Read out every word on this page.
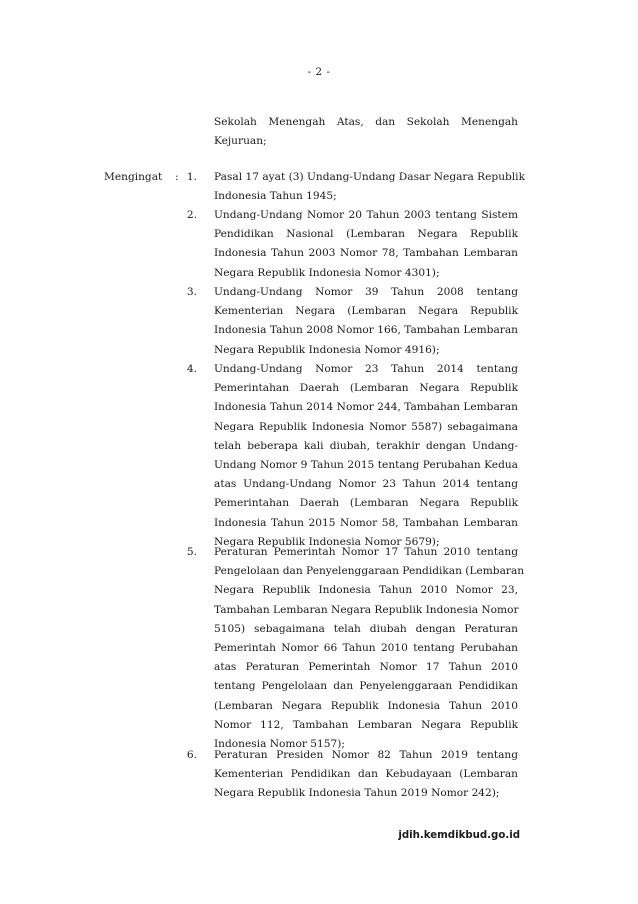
- 2 -
Sekolah Menengah Atas, dan Sekolah Menengah
Kejuruan;
Mengingat : 1. Pasal 17 ayat (3) Undang-Undang Dasar Negara Republik
Indonesia Tahun 1945;
2. Undang-Undang Nomor 20 Tahun 2003 tentang Sistem
Pendidikan Nasional (Lembaran Negara Republik
Indonesia Tahun 2003 Nomor 78, Tambahan Lembaran
Negara Republik Indonesia Nomor 4301);
3. Undang-Undang Nomor 39 Tahun 2008 tentang
Kementerian Negara (Lembaran Negara Republik
Indonesia Tahun 2008 Nomor 166, Tambahan Lembaran
Negara Republik Indonesia Nomor 4916);
4. Undang-Undang Nomor 23 Tahun 2014 tentang
Pemerintahan Daerah (Lembaran Negara Republik
Indonesia Tahun 2014 Nomor 244, Tambahan Lembaran
Negara Republik Indonesia Nomor 5587) sebagaimana
telah beberapa kali diubah, terakhir dengan Undang-
Undang Nomor 9 Tahun 2015 tentang Perubahan Kedua
atas Undang-Undang Nomor 23 Tahun 2014 tentang
Pemerintahan Daerah (Lembaran Negara Republik
Indonesia Tahun 2015 Nomor 58, Tambahan Lembaran
Negara Republik Indonesia Nomor 5679);
5. Peraturan Pemerintah Nomor 17 Tahun 2010 tentang
Pengelolaan dan Penyelenggaraan Pendidikan (Lembaran
Negara Republik Indonesia Tahun 2010 Nomor 23,
Tambahan Lembaran Negara Republik Indonesia Nomor
5105) sebagaimana telah diubah dengan Peraturan
Pemerintah Nomor 66 Tahun 2010 tentang Perubahan
atas Peraturan Pemerintah Nomor 17 Tahun 2010
tentang Pengelolaan dan Penyelenggaraan Pendidikan
(Lembaran Negara Republik Indonesia Tahun 2010
Nomor 112, Tambahan Lembaran Negara Republik
Indonesia Nomor 5157);
6. Peraturan Presiden Nomor 82 Tahun 2019 tentang
Kementerian Pendidikan dan Kebudayaan (Lembaran
Negara Republik Indonesia Tahun 2019 Nomor 242);
jdih.kemdikbud.go.id
